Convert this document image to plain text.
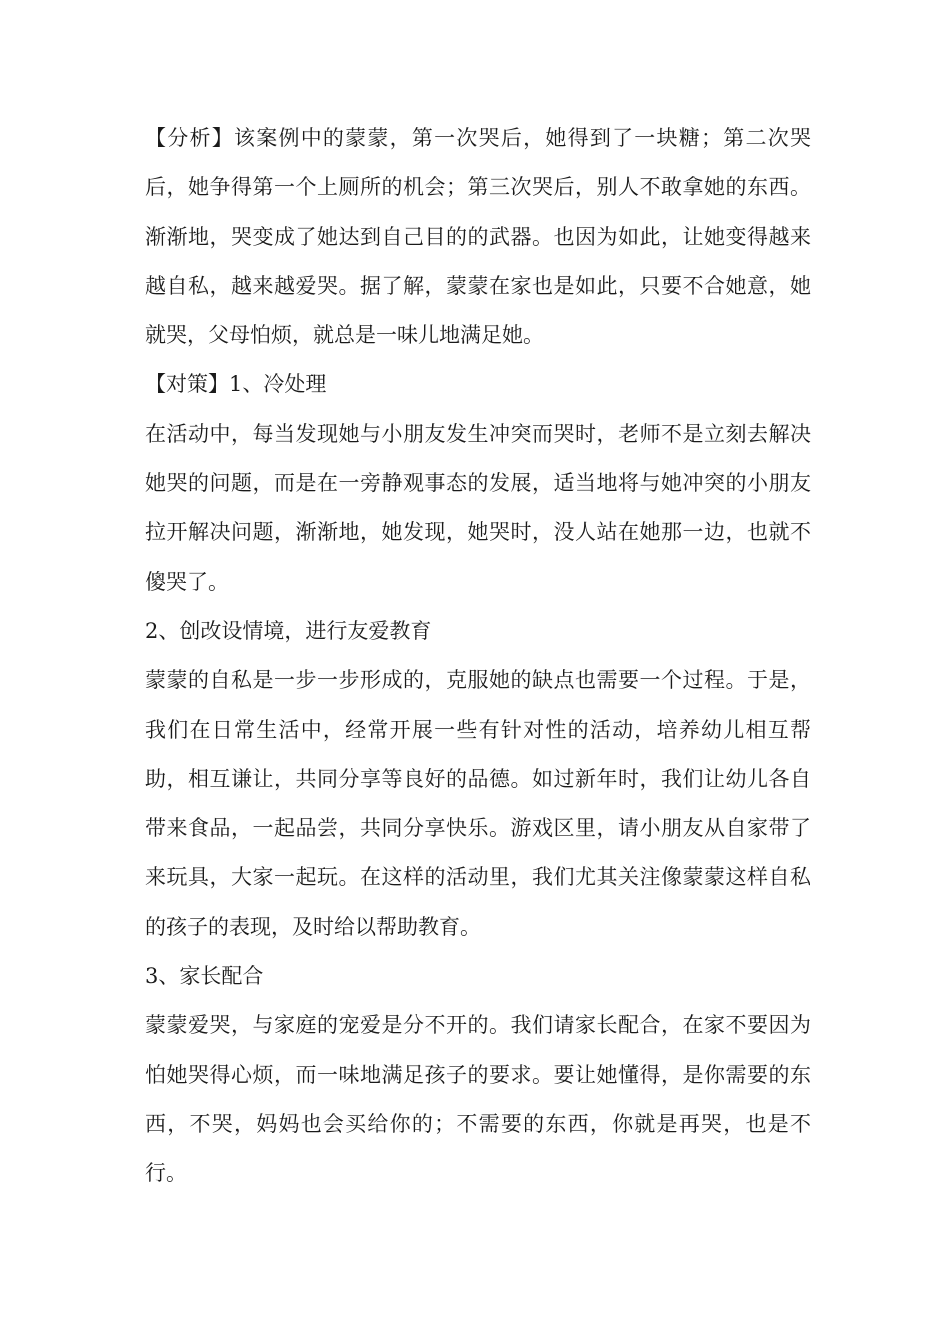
【分析】该案例中的蒙蒙，第一次哭后，她得到了一块糖；第二次哭后，她争得第一个上厕所的机会；第三次哭后，别人不敢拿她的东西。渐渐地，哭变成了她达到自己目的的武器。也因为如此，让她变得越来越自私，越来越爱哭。据了解，蒙蒙在家也是如此，只要不合她意，她就哭，父母怕烦，就总是一味儿地满足她。

【对策】1、冷处理

在活动中，每当发现她与小朋友发生冲突而哭时，老师不是立刻去解决她哭的问题，而是在一旁静观事态的发展，适当地将与她冲突的小朋友拉开解决问题，渐渐地，她发现，她哭时，没人站在她那一边，也就不傻哭了。

2、创改设情境，进行友爱教育

蒙蒙的自私是一步一步形成的，克服她的缺点也需要一个过程。于是，我们在日常生活中，经常开展一些有针对性的活动，培养幼儿相互帮助，相互谦让，共同分享等良好的品德。如过新年时，我们让幼儿各自带来食品，一起品尝，共同分享快乐。游戏区里，请小朋友从自家带了来玩具，大家一起玩。在这样的活动里，我们尤其关注像蒙蒙这样自私的孩子的表现，及时给以帮助教育。

3、家长配合

蒙蒙爱哭，与家庭的宠爱是分不开的。我们请家长配合，在家不要因为怕她哭得心烦，而一味地满足孩子的要求。要让她懂得，是你需要的东西，不哭，妈妈也会买给你的；不需要的东西，你就是再哭，也是不行。
